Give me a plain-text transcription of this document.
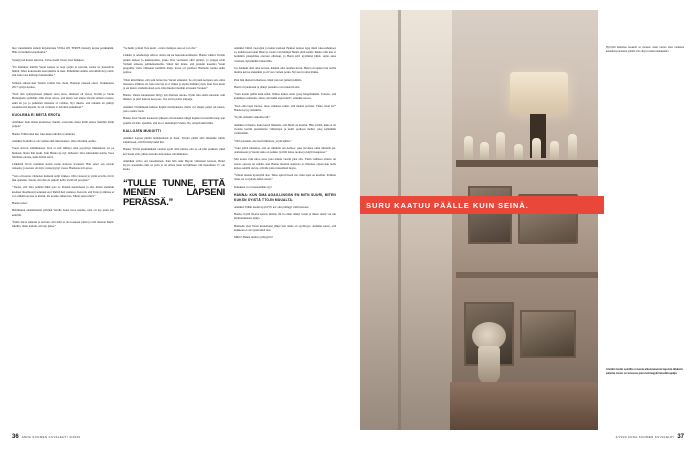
Iker vanemmalle kädetä kirjoitettuna VERA ON TERVE menetty kertaa perikkkään. Hän on melkein kirjoittamat.”

Synnytystä huolet alkoivat. Talvea kohti Veran vatsi helkkeet.

“En haluntest känttiä Veran kanssa sa noja syrjää ja kasvain, koska ne juoksittvat hänttä. Sihoi kokoisteme kasvanteille ni men. Puhuimme Ammo Alvoihittivist ja siitä, että Aino taas tiehtaaja leikakerkke.”

Samaan aikaan kun Venam voimat huo mont, Hanisan raskaan enesi. Joulukuussa 2017 syntyi Aarnea.

“Kun olin synnytykseen jälkeen satsa lassa, mielteni oli vierey Verriin ja Veran Hedengerin syömään. Olin aivan raivos, että miten voit annaa Veralle sellasta ruokaa, enkä en jos ja puhennat tilastetta al voimaa. Nyt mietin, että omakin en päänyt estamian sitä kipeitä. Se oli varmasti ic defakitn paikallaan.”

KUOLEMA EI MEITÄ EROTA

Ammiksi: Kun elmaa kuunteloe, mietin, osaavatko muut midit anttaa manmin mitm paljon?

Hanna: Whim eikä ine, Joka kuka rahvittä ol ammdst.

Annikki: Kaikilla ei ole voimia eikä mistokamaa. Olet olltarinnt ourhra.

Vuosi striven tammikuussa Vera ei enit nähtnyt erkä peytytnyt liikkumaan tai pa humaan, mutta hän kuuli. Kun Hanna ky nyi, hahaaalo Vera suinadamn kottin, Voea Sitttämä odottaa, kuin divillä selvä.

Lääkäritä Vecav nomitten kottin saatto hoitoon arvoketti. Hän sanot sen olevan raskanta, ja kotona oli myts vaiaaeytynyt vaasu. Hannasta tuli apsaa.

“Veta oli koivus viimeiset melkein neljä viikkoa. Olin vieressä ja yritin arvella, mi tti hän ajatteike. Saioin, että älä ole paikoll tiellä, kyllä tää pearjaan.”

“Tuosis, että Vera pelkäsi lähtä pois ta. Pelasin kuolemaata ja sitä, miten aiemmin kuoliset muemnoni jaotunuut eror hämrä hert saniassa. Kerroin, että Veraa ja mitnaa et voi erilkäin erottaa ja mietin, nis koeiko siihen itse. Mutta sanon mitä.”

Hanna sanot:

Helmikuun ensimmisenä päivänä Veralle nousi kova kuume. Oen oli lop puun asti kenttilä.

“Pidin Veraa kädestä ja kerroin, että mitä ei ole koskaan yksin ja että rakasan häntä. Itkuilla, minu lauloin, että nyt juksa.”

“Se heitti, jolloin Vera kuoli - avatto manipaa oksa ei voi olla.”

Lääkäri ja omahoitaja tulivat, sitten ark ku haaraanotoimiestia. Hanna vaihtoi Veralle pinkin mekon ja kukkapaidan, jonka Vera varmaasti ollut pitänyt, ja yruppä eivät Vemam arkuusa pehmetketkuilla. Sitten tuli tunne, että jotakiin kaaeinta Veam prugatille vielä. Omsekai keitittiin malja kossa oli puolleot Hannalle tuoma neliti pajissa.

“Olen kiitolliinen, että sain lattua itse Veram arkkunsi. Se oli piem kotipara asia olma tilastessa. Pahinta oli, kun oma lap si ol viikka ja täysin mimikä ytyin. Kun Vera kuoli ja sai metsä -mahaittotiaan pois, hän muuttui meidän terveeksi Veraksi.”

Hanna: Vausta kuokemaan liittyy loh dluttisia asioka. Nyitn tulu saalla kuurtele cum ihmnav, ja jaari kanvae kesi pois. Vae eivät padata paljonja.

Annikki: Dvmimiekä huhaaa ilupint mertityksistä, multa vai ehapla paljoi sel kaista, josta oremw tiedi.

Hanna: Kun Vesam kaokeosta jälkeen oli kuvannut tuligd kajdan tut kotitinn kaap pan paiidla oli tüirt, ajatellin, että en oc merkkiajtä Vomta. Ne, ompalviekä lmiki.

KALLOJEN MUKOITTI

Annikki: Lapsei jättälä hellaitumaan pi haan. Tuvein päinti siitä mitunille tuittle samnnvaan, että hirvtkäyvtukä tilit.

Hanna: Yritää ensimmäisnä vuonna syetti sillä tuntua, että se oli niin puikkan, jätkä kes itseni ottia, jätkaa naaolla suin aitkaa culvmimanaa.

Ammlkin tarlva oni toisenlainen. Kun hän raiki Heyrie viimeisen kerraan, Henri Kyyri, kasaaniko äitti on peda ja ott eilista maut kortijtthaan. Oli maaumian 17. elo kuuta.

“TULLE TUNNE, ETTÄ MENEN LAPSENI PERÄSSÄ.”

Annikki: lähttö vuorsijan ja kakis-vastiaan Heinon kanssa lejoj minä raksoashamoes sa, kahdoloaavoutan Henri ja vuoita van hiempä Hanna jättit keittir. Pekka: niin mer st hommitn pluajelmsk olevaan ollsdaan, ja Henri kävi kyymiinä läikit, sajito ukas vasdaala, hyttitmälki traktoritlla.

Jos Annlkki olisi ollat kotona, hänkän olisi antanut luvan. Henri oli ajanut trak torilla momta kertaa ennenkän ja oli varo vainen poika. Nyt kovat antoi Pekka.

Pian hän thenettti elkalassa, minä trak tori jumutti pihalla.

Henri oli puduonut ja jäänyt pernuitra van traktorin alle.

“Suru kaatui päälle kuin seinä. Ximaa tuntui, etten pysty hengittämään. Toiroko, että kaikmijaa reimaotir, sitten, että kuhit sipictunttä”, Annikki saoses.

“Kun ema lapsi kuolee, tulee vaikkaaa tunne, että menen perissai. Tulko sirud ki?” Hanna kysyy Annikilta.

“Kyllä, Amakin valkemacalil.”

Annikki ei muista, kuka kertoi hännelle, että Henri on kuollut. Hän yrittää, kuka ei sit vuonna kertini pusturhanta viimiarajat ja keitti perhoen mehut, jokq kylkääinti varmaankin.

“Olin jotenkin, ette luolti ihmissar, ja jää kjittin.”

“Joka päivä lehdattaa, että on timmein ten Aamoo, joka tarvitsee omia äitiissää psi. Aamokseen ja Veerin rakia on paikko tyvdilä lattaa ruokaa ja käyttä kaupassa.”

Silti koska vain tuloo suru, joka tuntuu vievän jalat alta. Yksin vuihtaaa ollessa tut autoss ajoessa tai selläin, kun Hanna tmerittä Aamosta ja vilkaisee eljaan kuu nolla kaisso setsillä olevia, omville juttu runsaiäissä heyse.

“Silloin menen nyoksyllä alas. Tulee epitoivtveen olo, mun lapsi on kuolltut. Polirien taitea on voi jalada aihen oloon.”

Kaikkeen voi ei keneellään syyt

HANNA: KUN OMA AGAILLINGGN EN MITN SUURI, MITEN KUKSN SYISTÄ TTOJN MUUALTA.

Annikki: Ethän itseinä syytä? Ei ka! olut pitängyt vahtii kotona.

Hanna: Kyllä mvetoi ketvas mietin, mi tä olisin tehnyt toisin ja miten olisin voi nut kutmoinulnaeta ajätja.

Hunnalle yksi Veran kuolemaan jälkei nen tunne on syyllisyys. Annikki sanoo, että kaikkeen ei ole syönä eikä saas

Milm? Hanna tunttui syllisyyttä?

36 ANNA SUOMEN KUVALEHTI 4/2020
SURU KAATUU PÄÄLLE KUIN SEINÄ.

Hyväyllä mitiemaa keskeltä on moneen oman toisien tulee toituksen kuulumana tuoineen prinittä olla ollapyt toimen tuukkuunna.

Annikin kodin seinillä on kuvia aikuistuneista lapsista lähäistä päivinä. Henri on kuvassa piem kolmapyköraiseillä ajeltja.
4/2020 ANNA SUOMEN KUVALEHTI 37
